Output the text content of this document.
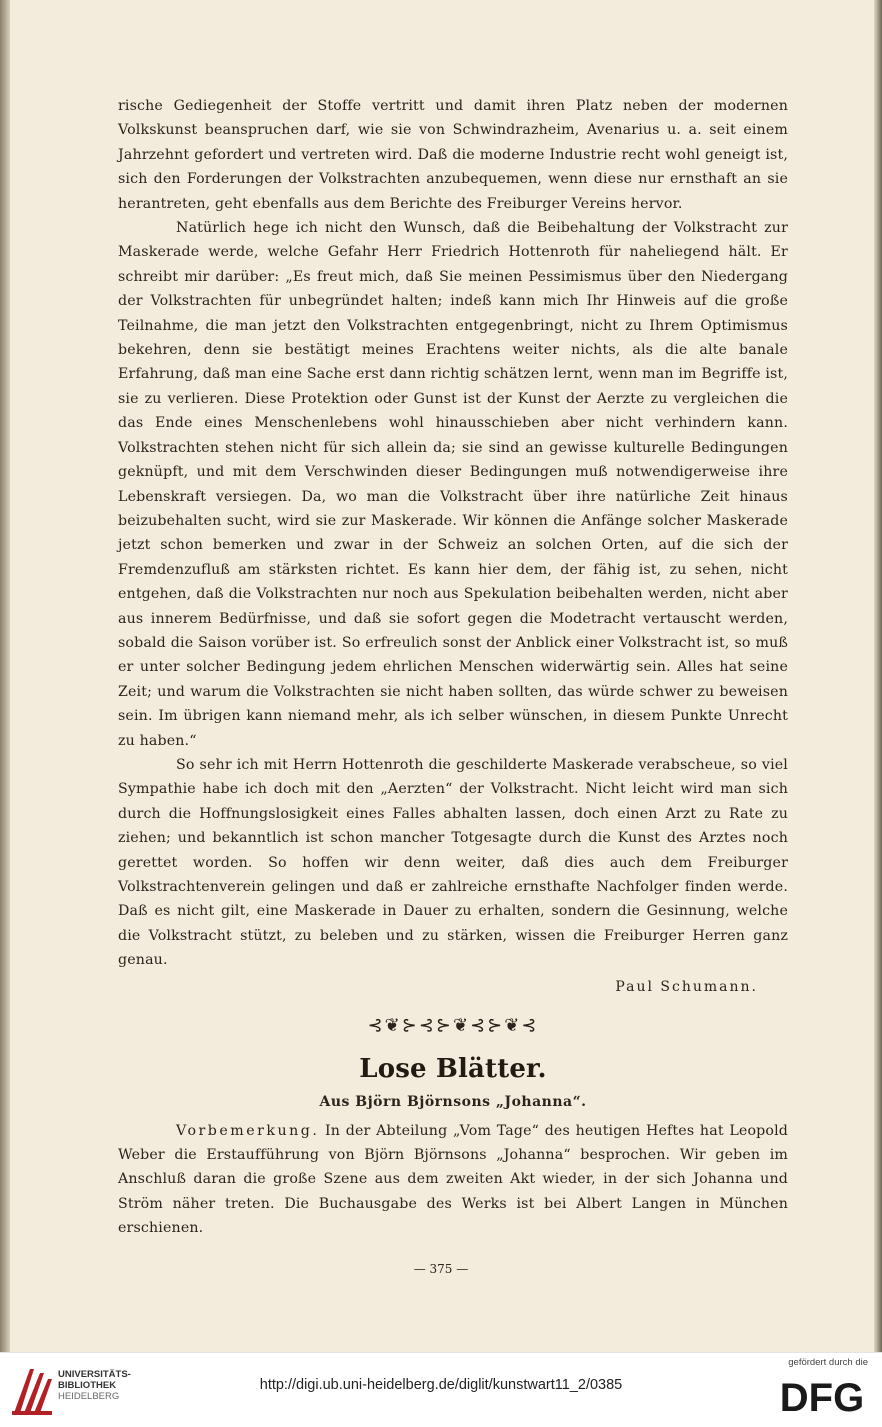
rische Gediegenheit der Stoffe vertritt und damit ihren Platz neben der modernen Volkskunst beanspruchen darf, wie sie von Schwindrazheim, Avenarius u. a. seit einem Jahrzehnt gefordert und vertreten wird. Daß die moderne Industrie recht wohl geneigt ist, sich den Forderungen der Volkstrachten anzubequemen, wenn diese nur ernsthaft an sie herantreten, geht ebenfalls aus dem Berichte des Freiburger Vereins hervor.

Natürlich hege ich nicht den Wunsch, daß die Beibehaltung der Volkstracht zur Maskerade werde, welche Gefahr Herr Friedrich Hottenroth für naheliegend hält. Er schreibt mir darüber: „Es freut mich, daß Sie meinen Pessimismus über den Niedergang der Volkstrachten für unbegründet halten; indeß kann mich Ihr Hinweis auf die große Teilnahme, die man jetzt den Volkstrachten entgegenbringt, nicht zu Ihrem Optimismus bekehren, denn sie bestätigt meines Erachtens weiter nichts, als die alte banale Erfahrung, daß man eine Sache erst dann richtig schätzen lernt, wenn man im Begriffe ist, sie zu verlieren. Diese Protektion oder Gunst ist der Kunst der Aerzte zu vergleichen die das Ende eines Menschenlebens wohl hinausschieben aber nicht verhindern kann. Volkstrachten stehen nicht für sich allein da; sie sind an gewisse kulturelle Bedingungen geknüpft, und mit dem Verschwinden dieser Bedingungen muß notwendigerweise ihre Lebenskraft versiegen. Da, wo man die Volkstracht über ihre natürliche Zeit hinaus beizubehalten sucht, wird sie zur Maskerade. Wir können die Anfänge solcher Maskerade jetzt schon bemerken und zwar in der Schweiz an solchen Orten, auf die sich der Fremdenzufluß am stärksten richtet. Es kann hier dem, der fähig ist, zu sehen, nicht entgehen, daß die Volkstrachten nur noch aus Spekulation beibehalten werden, nicht aber aus innerem Bedürfnisse, und daß sie sofort gegen die Modetracht vertauscht werden, sobald die Saison vorüber ist. So erfreulich sonst der Anblick einer Volkstracht ist, so muß er unter solcher Bedingung jedem ehrlichen Menschen widerwärtig sein. Alles hat seine Zeit; und warum die Volkstrachten sie nicht haben sollten, das würde schwer zu beweisen sein. Im übrigen kann niemand mehr, als ich selber wünschen, in diesem Punkte Unrecht zu haben.“

So sehr ich mit Herrn Hottenroth die geschilderte Maskerade verabscheue, so viel Sympathie habe ich doch mit den „Aerzten“ der Volkstracht. Nicht leicht wird man sich durch die Hoffnungslosigkeit eines Falles abhalten lassen, doch einen Arzt zu Rate zu ziehen; und bekanntlich ist schon mancher Totgesagte durch die Kunst des Arztes noch gerettet worden. So hoffen wir denn weiter, daß dies auch dem Freiburger Volkstrachtenverein gelingen und daß er zahlreiche ernsthafte Nachfolger finden werde. Daß es nicht gilt, eine Maskerade in Dauer zu erhalten, sondern die Gesinnung, welche die Volkstracht stützt, zu beleben und zu stärken, wissen die Freiburger Herren ganz genau.

Paul Schumann.
⊰❦⊱⊰⊱❦⊰⊱❦⊰
Lose Blätter.
Aus Björn Björnsons „Johanna“.

Vorbemerkung. In der Abteilung „Vom Tage“ des heutigen Heftes hat Leopold Weber die Erstaufführung von Björn Björnsons „Johanna“ besprochen. Wir geben im Anschluß daran die große Szene aus dem zweiten Akt wieder, in der sich Johanna und Ström näher treten. Die Buchausgabe des Werks ist bei Albert Langen in München erschienen.

— 375 —
UNIVERSITÄTS-
BIBLIOTHEK
HEIDELBERG
http://digi.ub.uni-heidelberg.de/diglit/kunstwart11_2/0385
gefördert durch die
DFG
